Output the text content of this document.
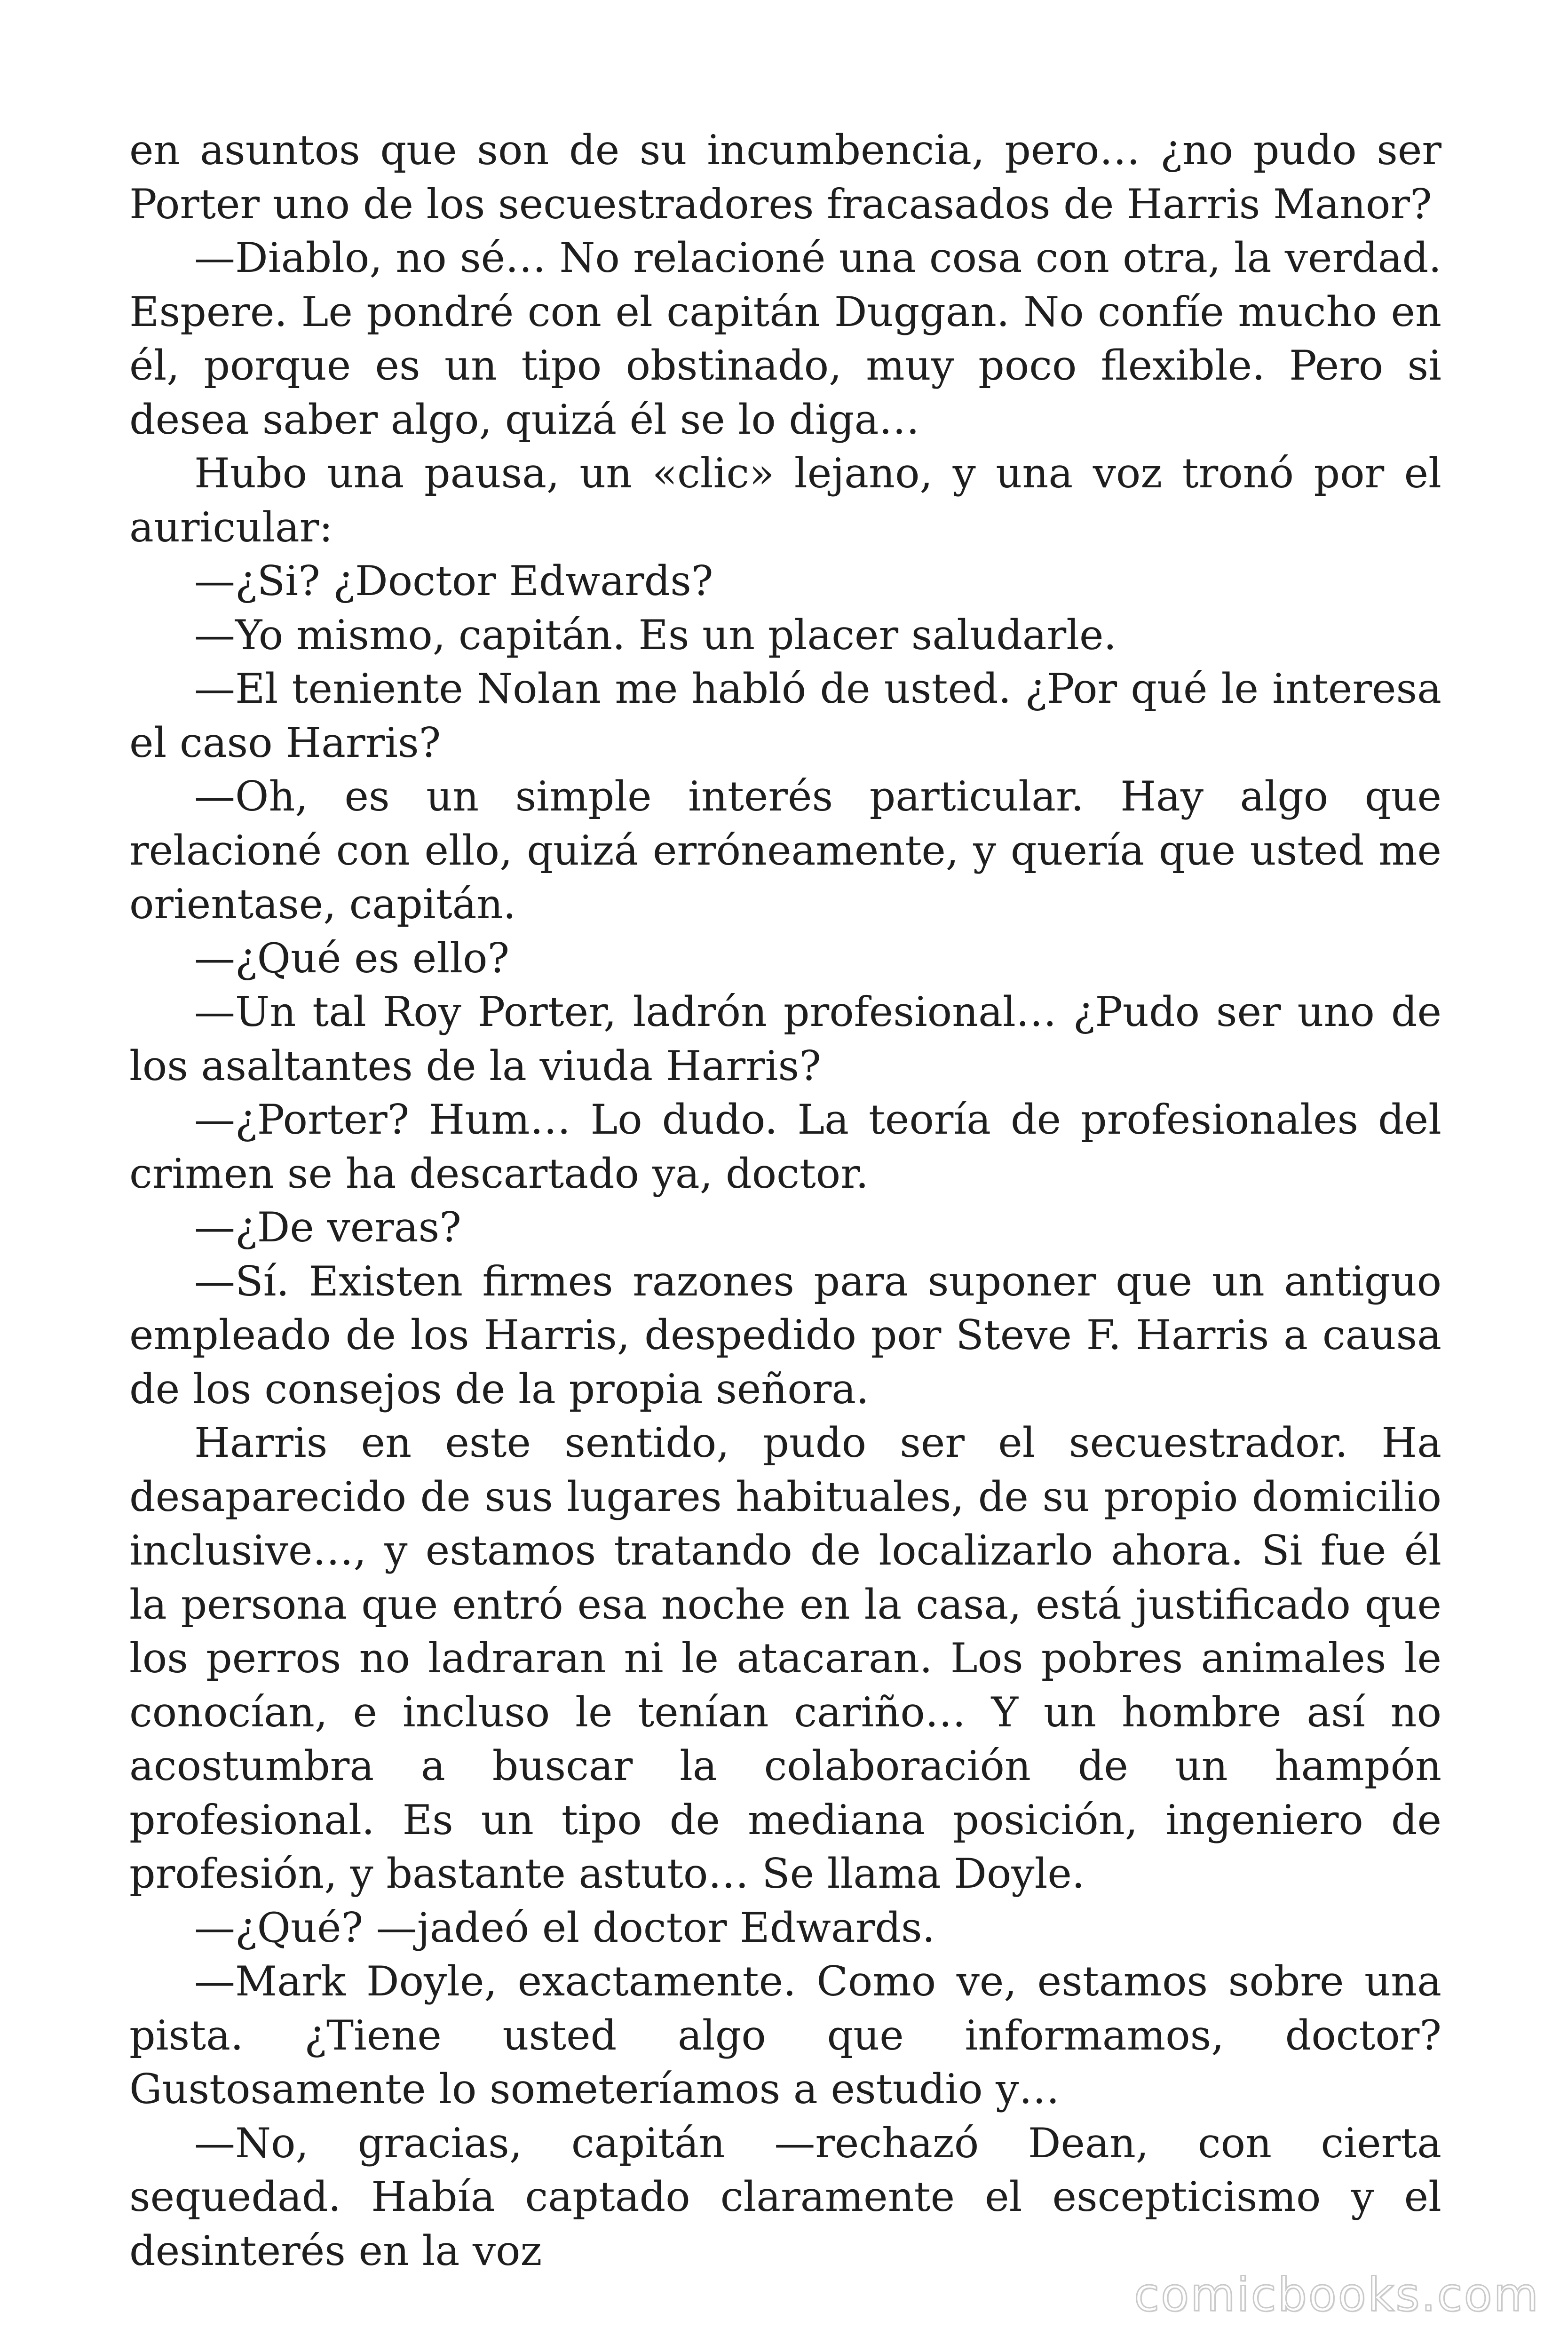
en asuntos que son de su incumbencia, pero… ¿no pudo ser Porter uno de los secuestradores fracasados de Harris Manor?

—Diablo, no sé… No relacioné una cosa con otra, la verdad. Espere. Le pondré con el capitán Duggan. No confíe mucho en él, porque es un tipo obstinado, muy poco flexible. Pero si desea saber algo, quizá él se lo diga…

Hubo una pausa, un «clic» lejano, y una voz tronó por el auricular:

—¿Si? ¿Doctor Edwards?

—Yo mismo, capitán. Es un placer saludarle.

—El teniente Nolan me habló de usted. ¿Por qué le interesa el caso Harris?

—Oh, es un simple interés particular. Hay algo que relacioné con ello, quizá erróneamente, y quería que usted me orientase, capitán.

—¿Qué es ello?

—Un tal Roy Porter, ladrón profesional… ¿Pudo ser uno de los asaltantes de la viuda Harris?

—¿Porter? Hum… Lo dudo. La teoría de profesionales del crimen se ha descartado ya, doctor.

—¿De veras?

—Sí. Existen firmes razones para suponer que un antiguo empleado de los Harris, despedido por Steve F. Harris a causa de los consejos de la propia señora.

Harris en este sentido, pudo ser el secuestrador. Ha desaparecido de sus lugares habituales, de su propio domicilio inclusive…, y estamos tratando de localizarlo ahora. Si fue él la persona que entró esa noche en la casa, está justificado que los perros no ladraran ni le atacaran. Los pobres animales le conocían, e incluso le tenían cariño… Y un hombre así no acostumbra a buscar la colaboración de un hampón profesional. Es un tipo de mediana posición, ingeniero de profesión, y bastante astuto… Se llama Doyle.

—¿Qué? —jadeó el doctor Edwards.

—Mark Doyle, exactamente. Como ve, estamos sobre una pista. ¿Tiene usted algo que informamos, doctor? Gustosamente lo someteríamos a estudio y…

—No, gracias, capitán —rechazó Dean, con cierta sequedad. Había captado claramente el escepticismo y el desinterés en la voz

comicbooks.com
